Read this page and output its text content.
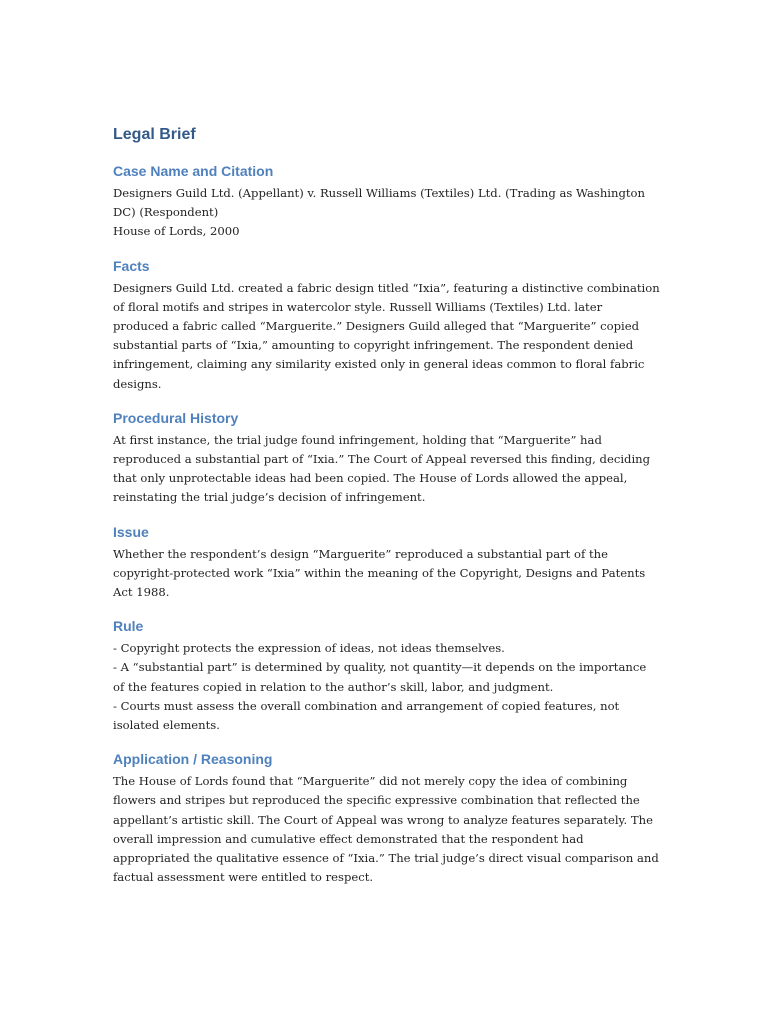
Legal Brief
Case Name and Citation

Designers Guild Ltd. (Appellant) v. Russell Williams (Textiles) Ltd. (Trading as Washington
DC) (Respondent)
House of Lords, 2000

Facts

Designers Guild Ltd. created a fabric design titled “Ixia”, featuring a distinctive combination
of floral motifs and stripes in watercolor style. Russell Williams (Textiles) Ltd. later
produced a fabric called “Marguerite.” Designers Guild alleged that “Marguerite” copied
substantial parts of “Ixia,” amounting to copyright infringement. The respondent denied
infringement, claiming any similarity existed only in general ideas common to floral fabric
designs.

Procedural History

At first instance, the trial judge found infringement, holding that “Marguerite” had
reproduced a substantial part of “Ixia.” The Court of Appeal reversed this finding, deciding
that only unprotectable ideas had been copied. The House of Lords allowed the appeal,
reinstating the trial judge’s decision of infringement.

Issue

Whether the respondent’s design “Marguerite” reproduced a substantial part of the
copyright-protected work “Ixia” within the meaning of the Copyright, Designs and Patents
Act 1988.

Rule

- Copyright protects the expression of ideas, not ideas themselves.
- A “substantial part” is determined by quality, not quantity—it depends on the importance
of the features copied in relation to the author’s skill, labor, and judgment.
- Courts must assess the overall combination and arrangement of copied features, not
isolated elements.

Application / Reasoning

The House of Lords found that “Marguerite” did not merely copy the idea of combining
flowers and stripes but reproduced the specific expressive combination that reflected the
appellant’s artistic skill. The Court of Appeal was wrong to analyze features separately. The
overall impression and cumulative effect demonstrated that the respondent had
appropriated the qualitative essence of “Ixia.” The trial judge’s direct visual comparison and
factual assessment were entitled to respect.
